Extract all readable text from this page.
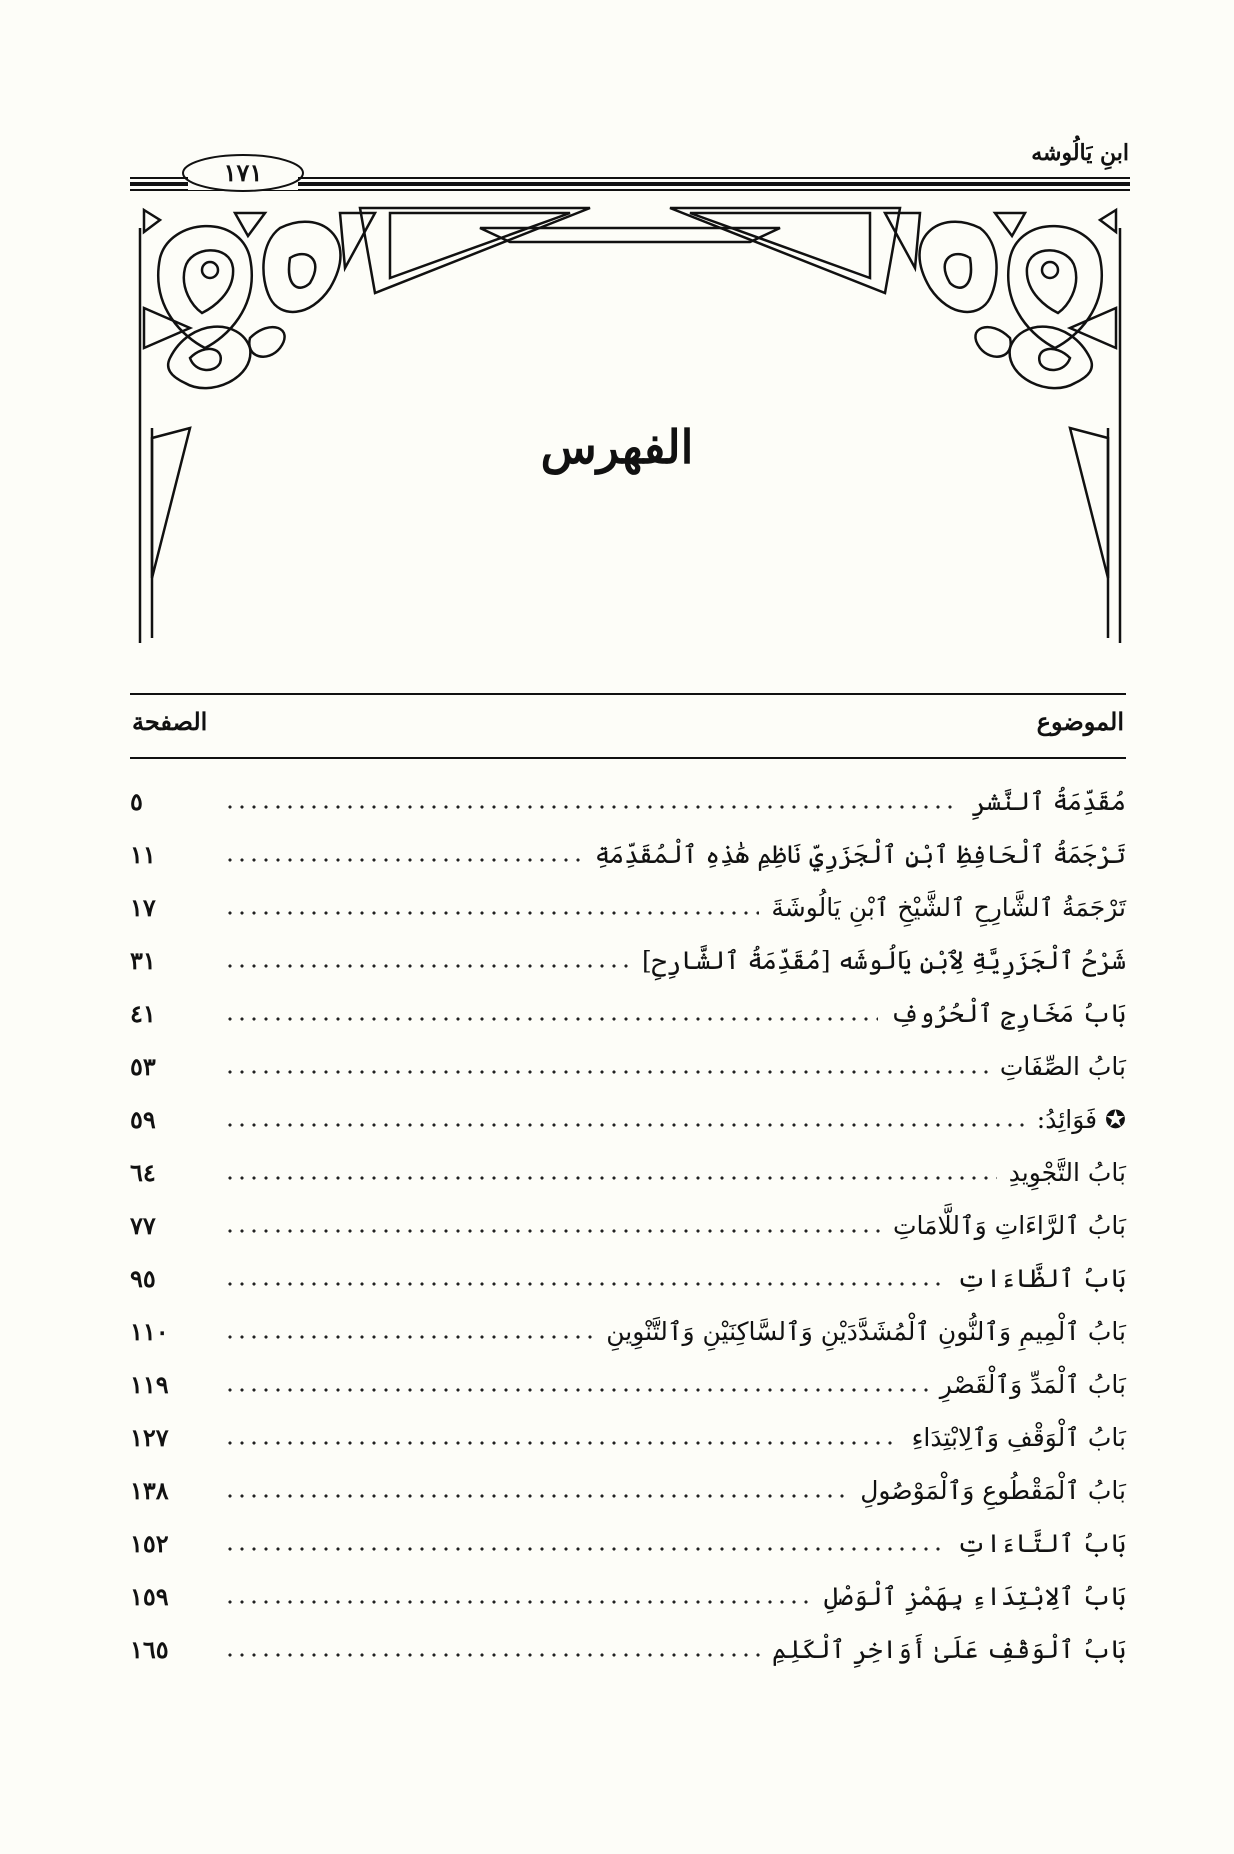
ابنِ يَالُوشه
١٧١
الفهرس
الموضوع
الصفحة
مُقَدِّمَةُ ٱلنَّشرِ
٥
تَرْجَمَةُ ٱلْحَافِظِ ٱبْنِ ٱلْجَزَرِيِّ نَاظِمِ هَٰذِهِ ٱلْمُقَدِّمَةِ
١١
تَرْجَمَةُ ٱلشَّارِحِ ٱلشَّيْخِ ٱبْنِ يَالُوشَةَ
١٧
شَرْحُ ٱلْجَزَرِيَّةِ لِٱبْنِ يَالُوشَه [مُقَدِّمَةُ ٱلشَّارِحِ]
٣١
بَابُ مَخَارِجِ ٱلْحُرُوفِ
٤١
بَابُ الصِّفَاتِ
٥٣
✪ فَوَائِدُ:
٥٩
بَابُ التَّجْوِيدِ
٦٤
بَابُ ٱلرَّاءَاتِ وَٱللَّامَاتِ
٧٧
بَابُ ٱلظَّاءَاتِ
٩٥
بَابُ ٱلْمِيمِ وَٱلنُّونِ ٱلْمُشَدَّدَيْنِ وَٱلسَّاكِنَيْنِ وَٱلتَّنْوِينِ
١١٠
بَابُ ٱلْمَدِّ وَٱلْقَصْرِ
١١٩
بَابُ ٱلْوَقْفِ وَٱلِابْتِدَاءِ
١٢٧
بَابُ ٱلْمَقْطُوعِ وَٱلْمَوْصُولِ
١٣٨
بَابُ ٱلتَّاءَاتِ
١٥٢
بَابُ ٱلِابْتِدَاءِ بِهَمْزِ ٱلْوَصْلِ
١٥٩
بَابُ ٱلْوَقْفِ عَلَىٰ أَوَاخِرِ ٱلْكَلِمِ
١٦٥
